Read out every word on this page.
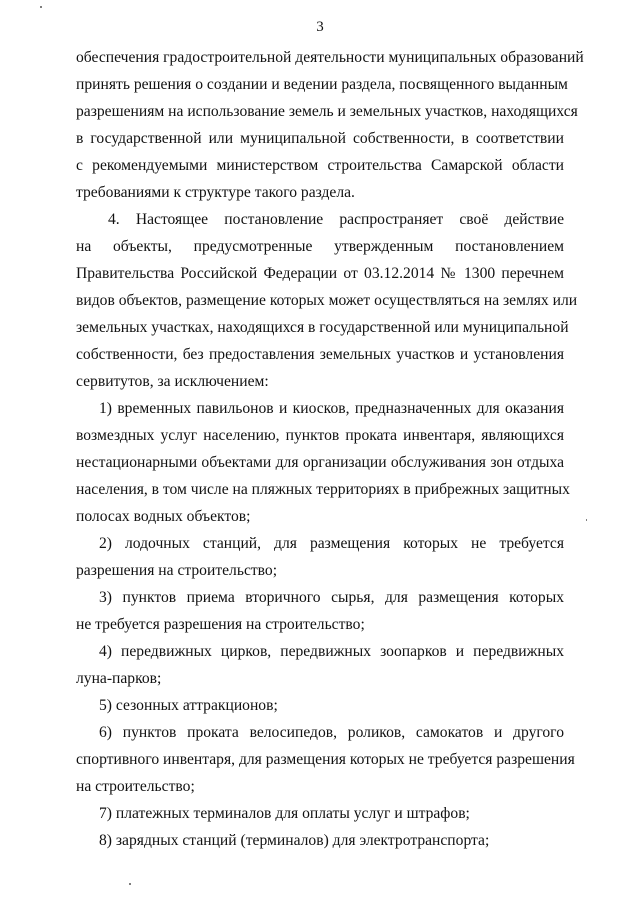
3
обеспечения градостроительной деятельности муниципальных образований
принять решения о создании и ведении раздела, посвященного выданным
разрешениям на использование земель и земельных участков, находящихся
в государственной или муниципальной собственности, в соответствии
с рекомендуемыми министерством строительства Самарской области
требованиями к структуре такого раздела.
4. Настоящее постановление распространяет своё действие
на объекты, предусмотренные утвержденным постановлением
Правительства Российской Федерации от 03.12.2014 № 1300 перечнем
видов объектов, размещение которых может осуществляться на землях или
земельных участках, находящихся в государственной или муниципальной
собственности, без предоставления земельных участков и установления
сервитутов, за исключением:
1) временных павильонов и киосков, предназначенных для оказания
возмездных услуг населению, пунктов проката инвентаря, являющихся
нестационарными объектами для организации обслуживания зон отдыха
населения, в том числе на пляжных территориях в прибрежных защитных
полосах водных объектов;
2) лодочных станций, для размещения которых не требуется
разрешения на строительство;
3) пунктов приема вторичного сырья, для размещения которых
не требуется разрешения на строительство;
4) передвижных цирков, передвижных зоопарков и передвижных
луна-парков;
5) сезонных аттракционов;
6) пунктов проката велосипедов, роликов, самокатов и другого
спортивного инвентаря, для размещения которых не требуется разрешения
на строительство;
7) платежных терминалов для оплаты услуг и штрафов;
8) зарядных станций (терминалов) для электротранспорта;
